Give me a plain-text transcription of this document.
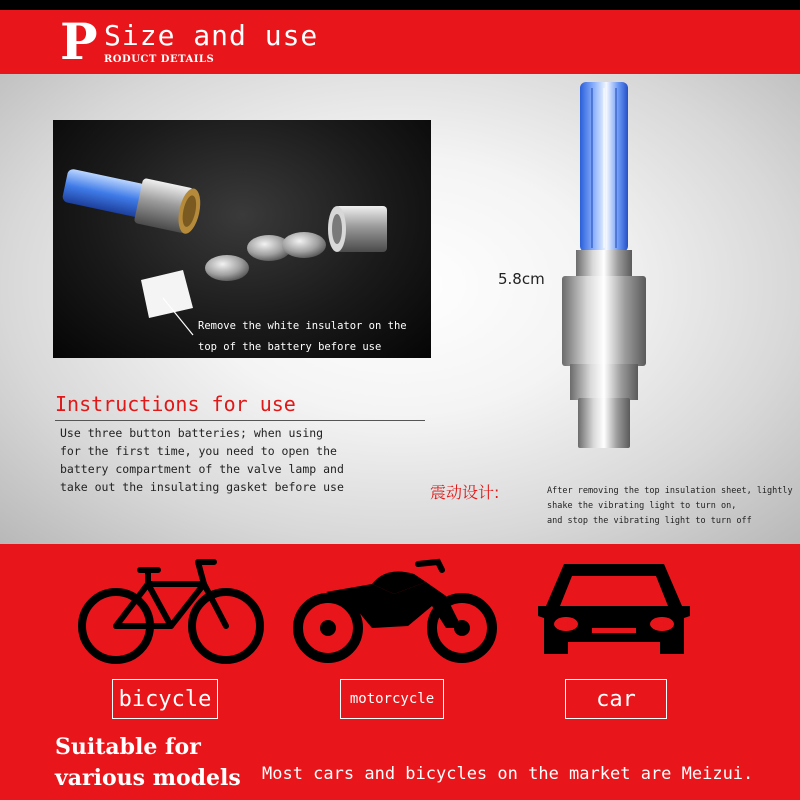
P Size and use
RODUCT DETAILS
Remove the white insulator on the
top of the battery before use
Instructions for use
Use three button batteries; when using
for the first time, you need to open the
battery compartment of the valve lamp and
take out the insulating gasket before use
5.8cm
震动设计:	After removing the top insulation sheet, lightly
shake the vibrating light to turn on,
and stop the vibrating light to turn off
bicycle	motorcycle	car
Suitable for
various models Most cars and bicycles on the market are Meizui.
